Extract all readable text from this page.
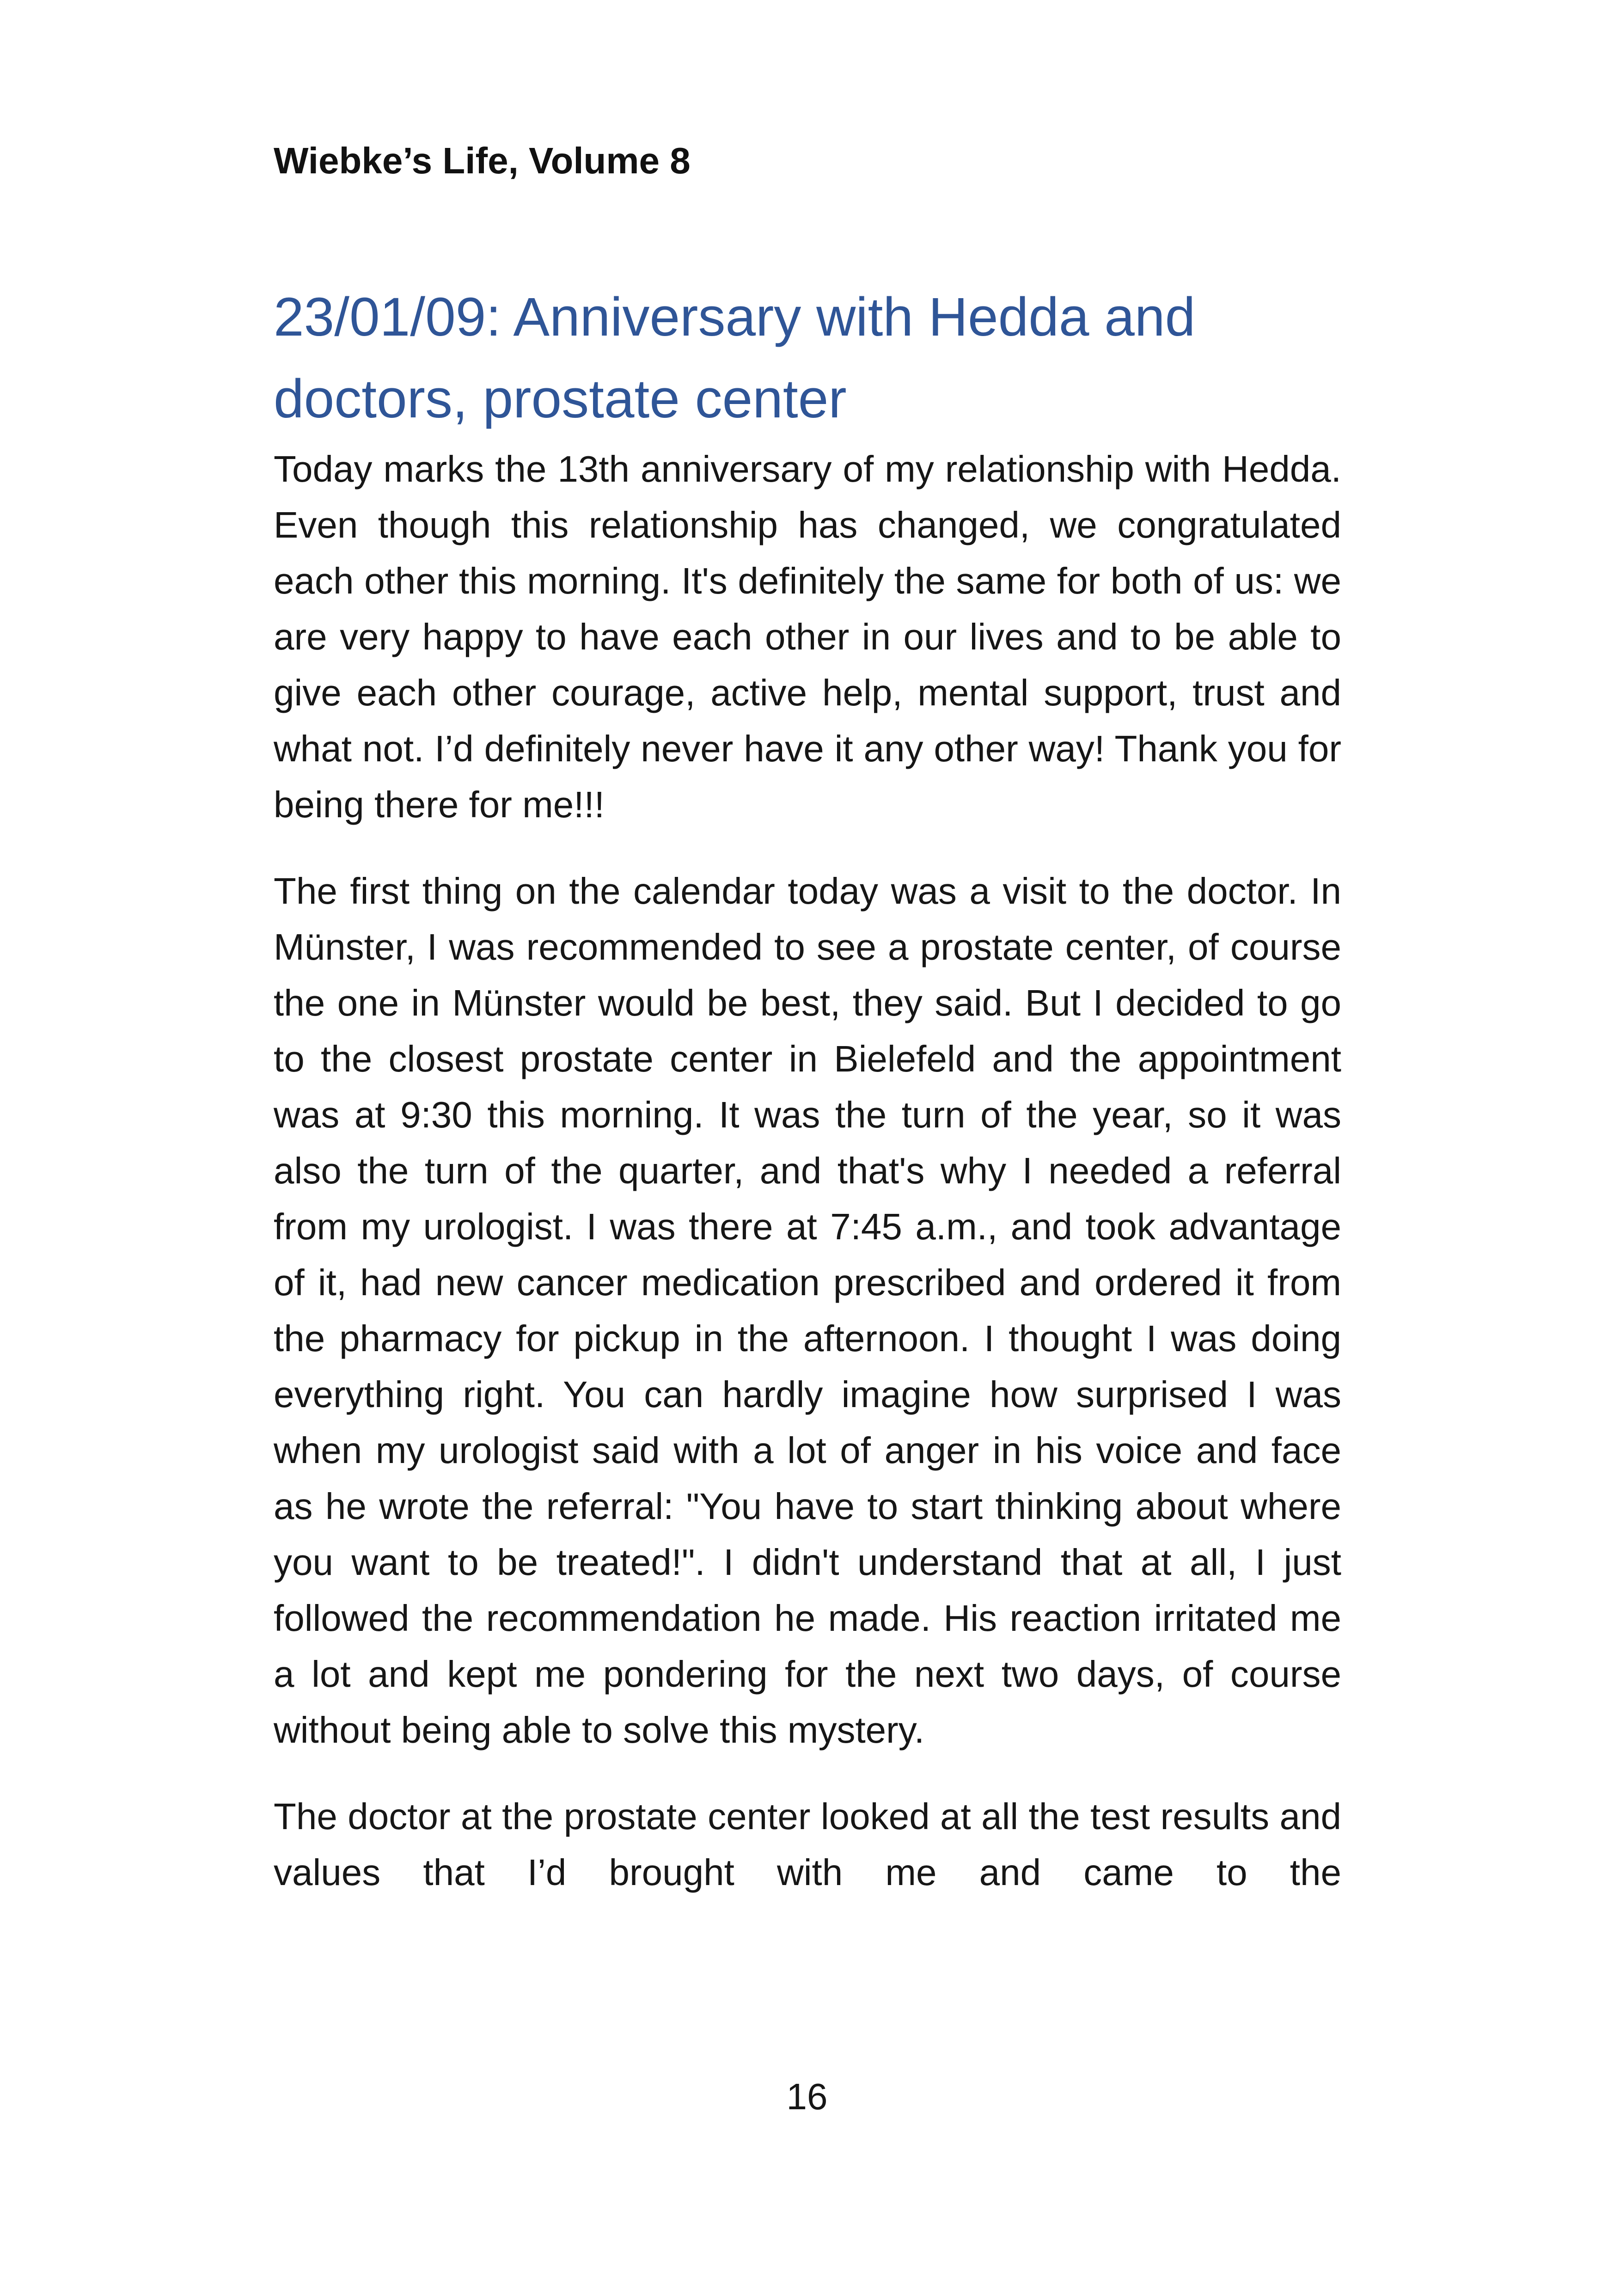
Wiebke’s Life, Volume 8

23/01/09: Anniversary with Hedda and doctors, prostate center

Today marks the 13th anniversary of my relationship with Hedda. Even though this relationship has changed, we congratulated each other this morning. It's definitely the same for both of us: we are very happy to have each other in our lives and to be able to give each other courage, active help, mental support, trust and what not. I’d definitely never have it any other way! Thank you for being there for me!!!

The first thing on the calendar today was a visit to the doctor. In Münster, I was recommended to see a prostate center, of course the one in Münster would be best, they said. But I decided to go to the closest prostate center in Bielefeld and the appointment was at 9:30 this morning. It was the turn of the year, so it was also the turn of the quarter, and that's why I needed a referral from my urologist. I was there at 7:45 a.m., and took advantage of it, had new cancer medication prescribed and ordered it from the pharmacy for pickup in the afternoon. I thought I was doing everything right. You can hardly imagine how surprised I was when my urologist said with a lot of anger in his voice and face as he wrote the referral: "You have to start thinking about where you want to be treated!". I didn't understand that at all, I just followed the recommendation he made. His reaction irritated me a lot and kept me pondering for the next two days, of course without being able to solve this mystery.

The doctor at the prostate center looked at all the test results and values that I’d brought with me and came to the

16
